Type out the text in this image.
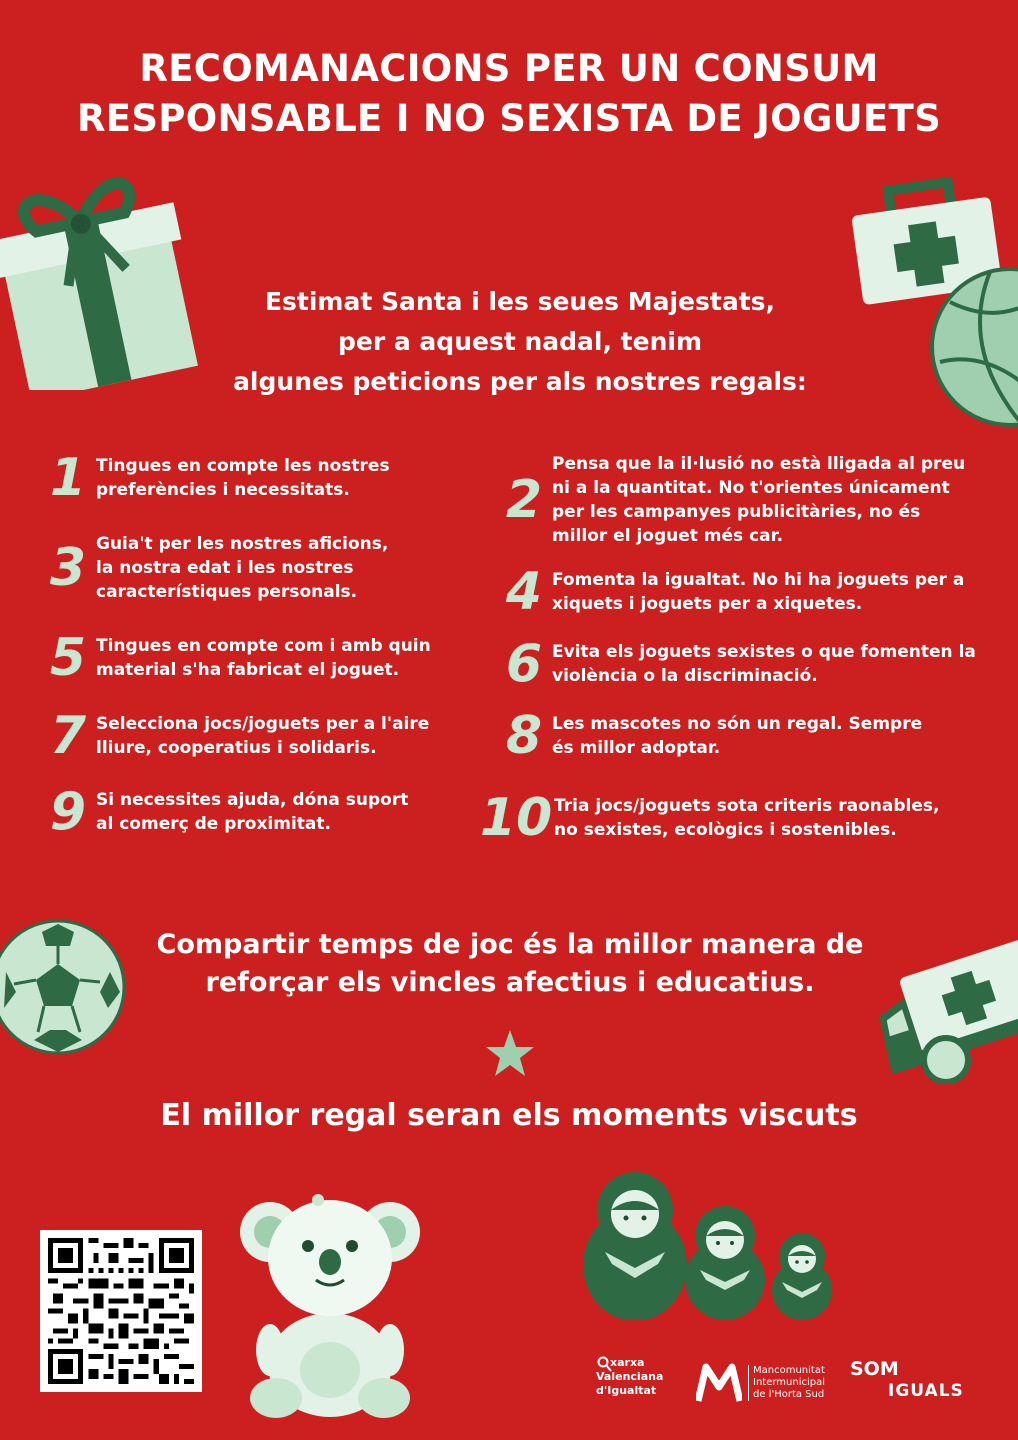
RECOMANACIONS PER UN CONSUM
RESPONSABLE I NO SEXISTA DE JOGUETS
Estimat Santa i les seues Majestats,
per a aquest nadal, tenim
algunes peticions per als nostres regals:
1 Tingues en compte les nostres
preferències i necessitats.
3 Guia't per les nostres aficions,
la nostra edat i les nostres
característiques personals.
5 Tingues en compte com i amb quin
material s'ha fabricat el joguet.
7 Selecciona jocs/joguets per a l'aire
lliure, cooperatius i solidaris.
9 Si necessites ajuda, dóna suport
al comerç de proximitat.
2
Pensa que la il·lusió no està lligada al preu
ni a la quantitat. No t'orientes únicament
per les campanyes publicitàries, no és
millor el joguet més car.
4 Fomenta la igualtat. No hi ha joguets per a
xiquets i joguets per a xiquetes.
6 Evita els joguets sexistes o que fomenten la
violència o la discriminació.
8 Les mascotes no són un regal. Sempre
és millor adoptar.
10 Tria jocs/joguets sota criteris raonables,
no sexistes, ecològics i sostenibles.
Compartir temps de joc és la millor manera de
reforçar els vincles afectius i educatius.
El millor regal seran els moments viscuts
xarxa
Valenciana
d'Igualtat
Mancomunitat
Intermunicipal
de l'Horta Sud
SOM
IGUALS
